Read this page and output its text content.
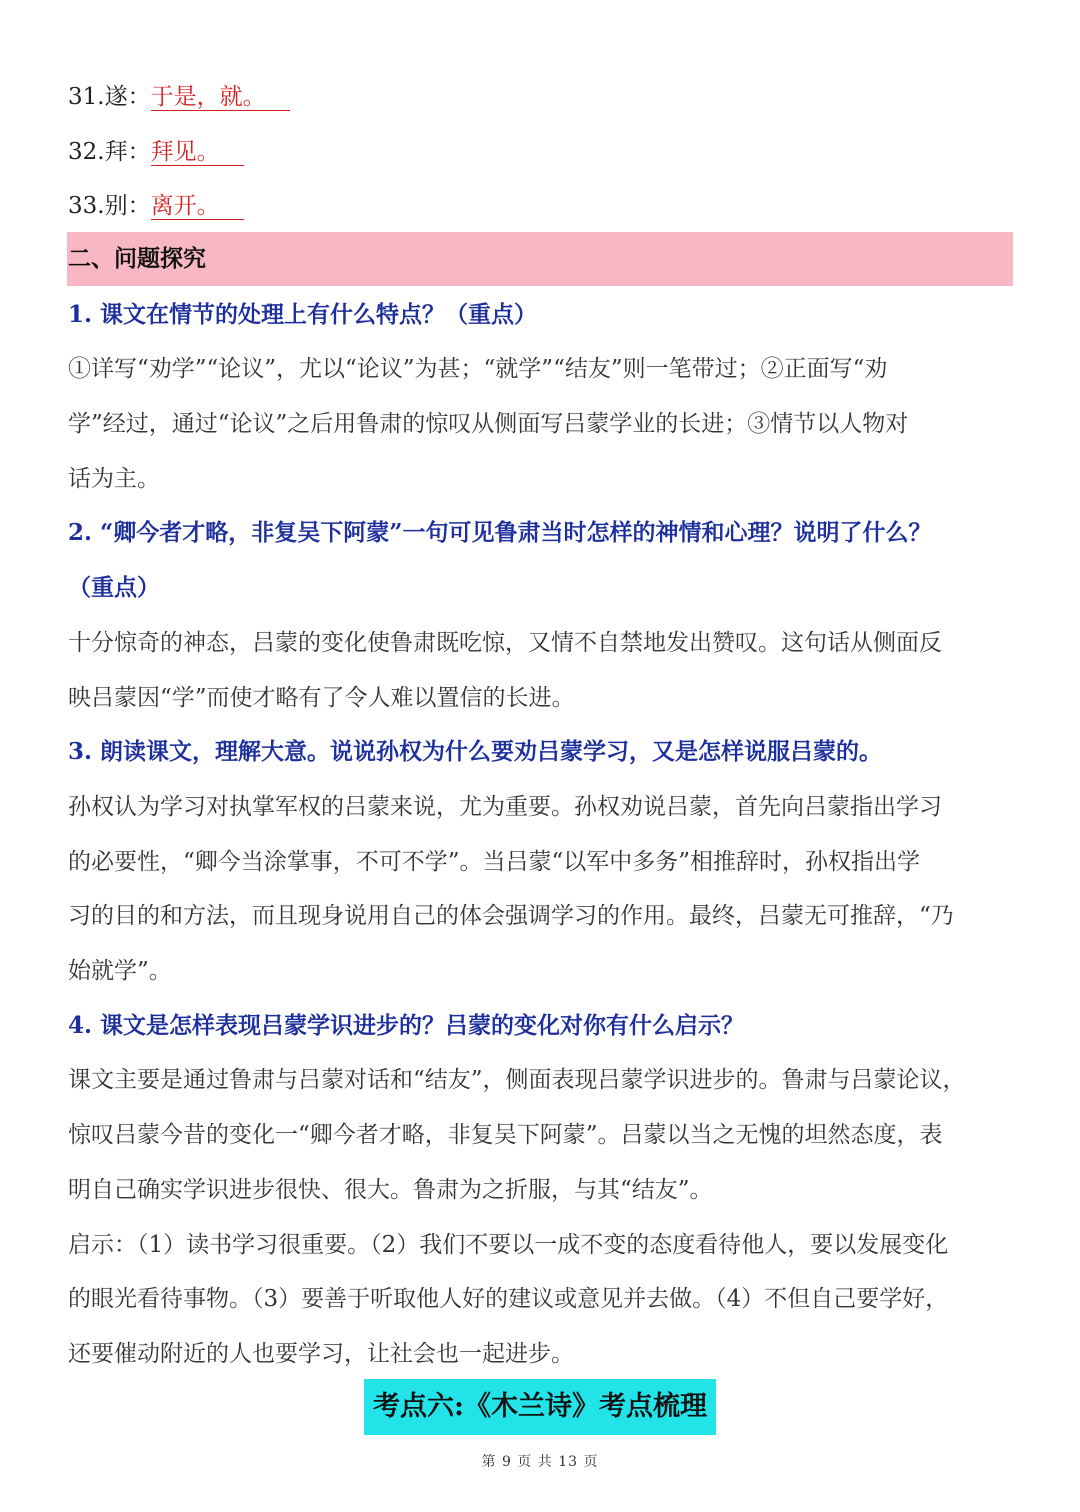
31.遂：于是，就。
32.拜：拜见。
33.别：离开。
二、问题探究
1. 课文在情节的处理上有什么特点？（重点）
①详写“劝学”“论议”，尤以“论议”为甚；“就学”“结友”则一笔带过；②正面写“劝
学”经过，通过“论议”之后用鲁肃的惊叹从侧面写吕蒙学业的长进；③情节以人物对
话为主。
2. “卿今者才略，非复吴下阿蒙”一句可见鲁肃当时怎样的神情和心理？说明了什么？
（重点）
十分惊奇的神态，吕蒙的变化使鲁肃既吃惊，又情不自禁地发出赞叹。这句话从侧面反
映吕蒙因“学”而使才略有了令人难以置信的长进。
3. 朗读课文，理解大意。说说孙权为什么要劝吕蒙学习，又是怎样说服吕蒙的。
孙权认为学习对执掌军权的吕蒙来说，尤为重要。孙权劝说吕蒙，首先向吕蒙指出学习
的必要性，“卿今当涂掌事，不可不学”。当吕蒙“以军中多务”相推辞时，孙权指出学
习的目的和方法，而且现身说用自己的体会强调学习的作用。最终，吕蒙无可推辞，“乃
始就学”。
4. 课文是怎样表现吕蒙学识进步的？吕蒙的变化对你有什么启示？
课文主要是通过鲁肃与吕蒙对话和“结友”，侧面表现吕蒙学识进步的。鲁肃与吕蒙论议，
惊叹吕蒙今昔的变化一“卿今者才略，非复吴下阿蒙”。吕蒙以当之无愧的坦然态度，表
明自己确实学识进步很快、很大。鲁肃为之折服，与其“结友”。
启示：（1）读书学习很重要。（2）我们不要以一成不变的态度看待他人，要以发展变化
的眼光看待事物。（3）要善于听取他人好的建议或意见并去做。（4）不但自己要学好，
还要催动附近的人也要学习，让社会也一起进步。
考点六:《木兰诗》考点梳理
第 9 页 共 13 页
